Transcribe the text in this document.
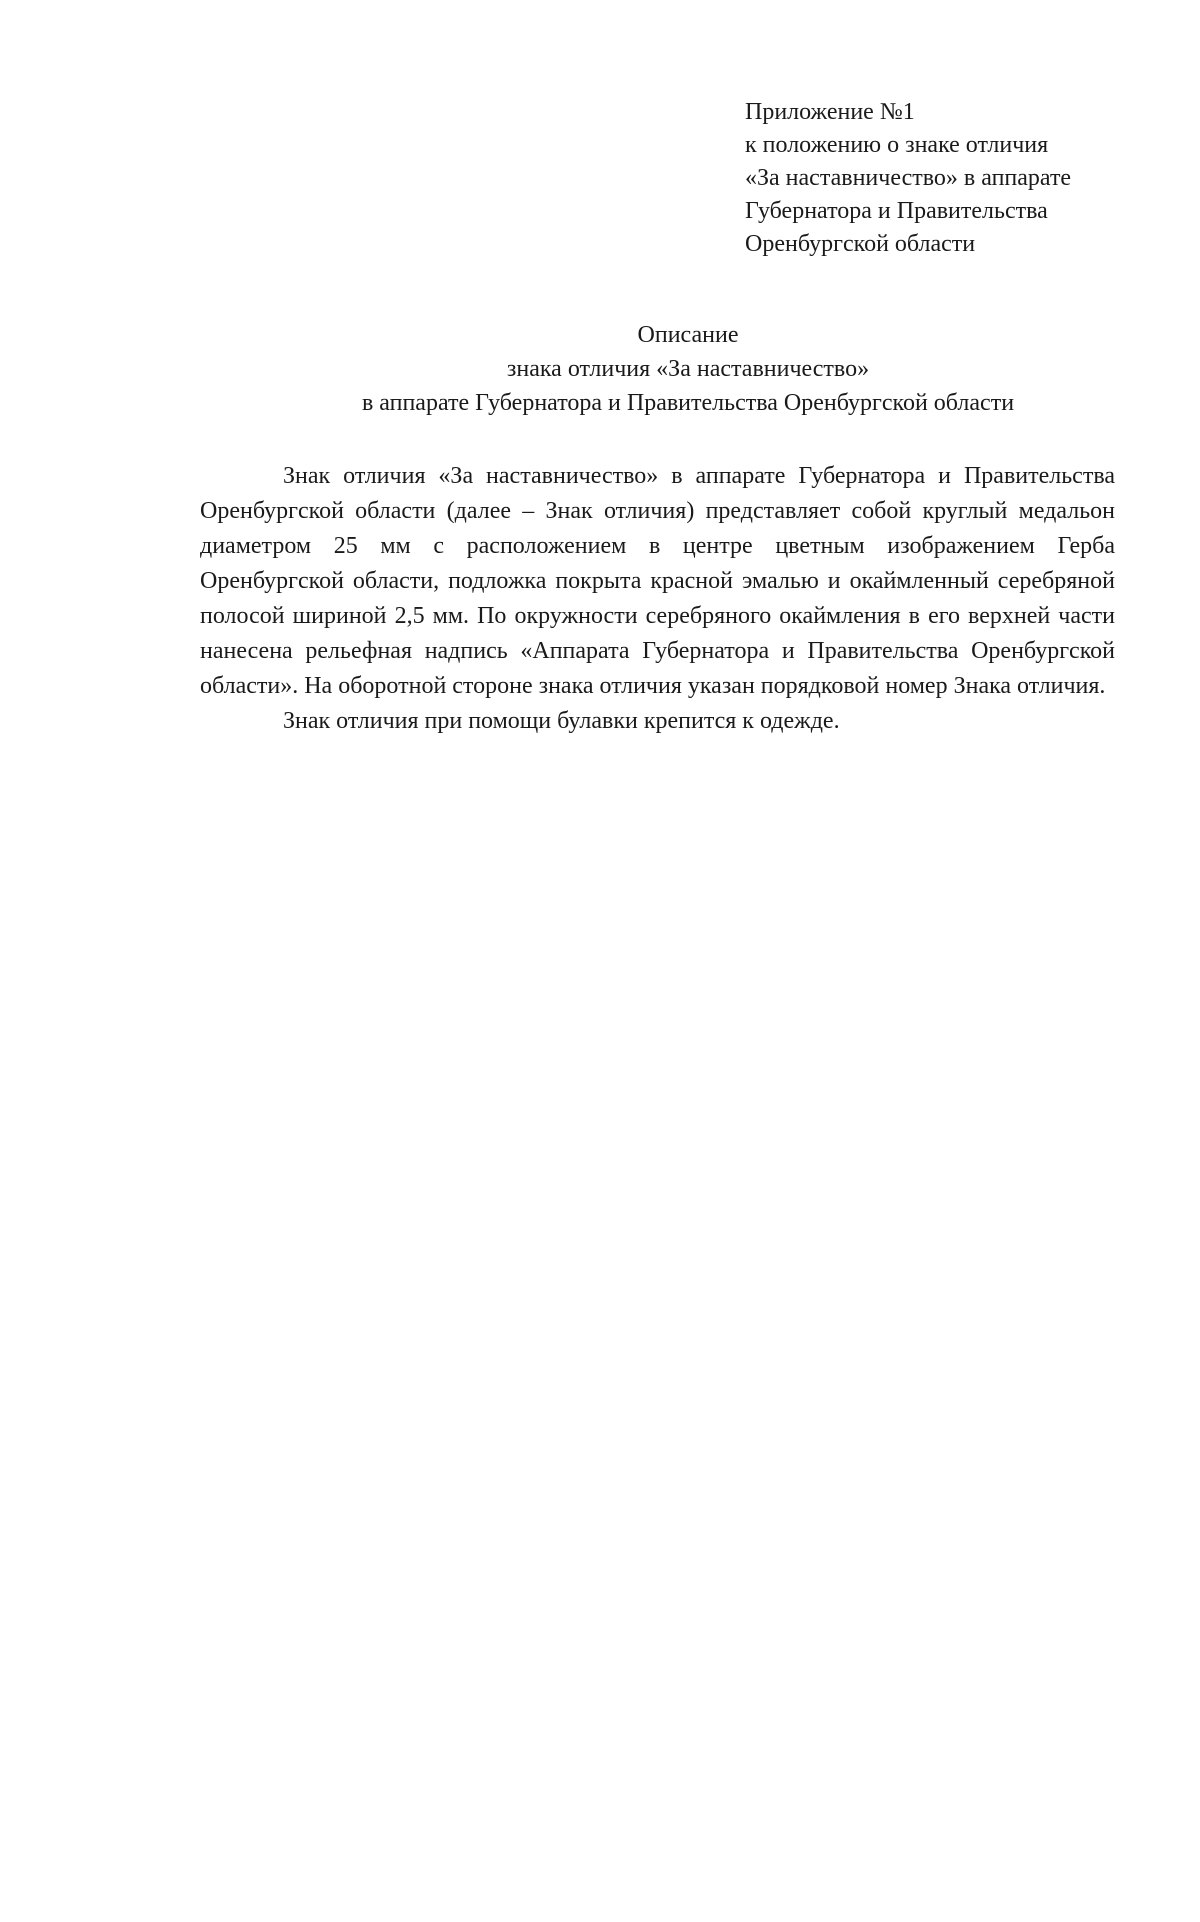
Приложение №1
к положению о знаке отличия
«За наставничество» в аппарате
Губернатора и Правительства
Оренбургской области
Описание
знака отличия «За наставничество»
в аппарате Губернатора и Правительства Оренбургской области

Знак отличия «За наставничество» в аппарате Губернатора и Правительства Оренбургской области (далее – Знак отличия) представляет собой круглый медальон диаметром 25 мм с расположением в центре цветным изображением Герба Оренбургской области, подложка покрыта красной эмалью и окаймленный серебряной полосой шириной 2,5 мм. По окружности серебряного окаймления в его верхней части нанесена рельефная надпись «Аппарата Губернатора и Правительства Оренбургской области». На оборотной стороне знака отличия указан порядковой номер Знака отличия.

Знак отличия при помощи булавки крепится к одежде.
